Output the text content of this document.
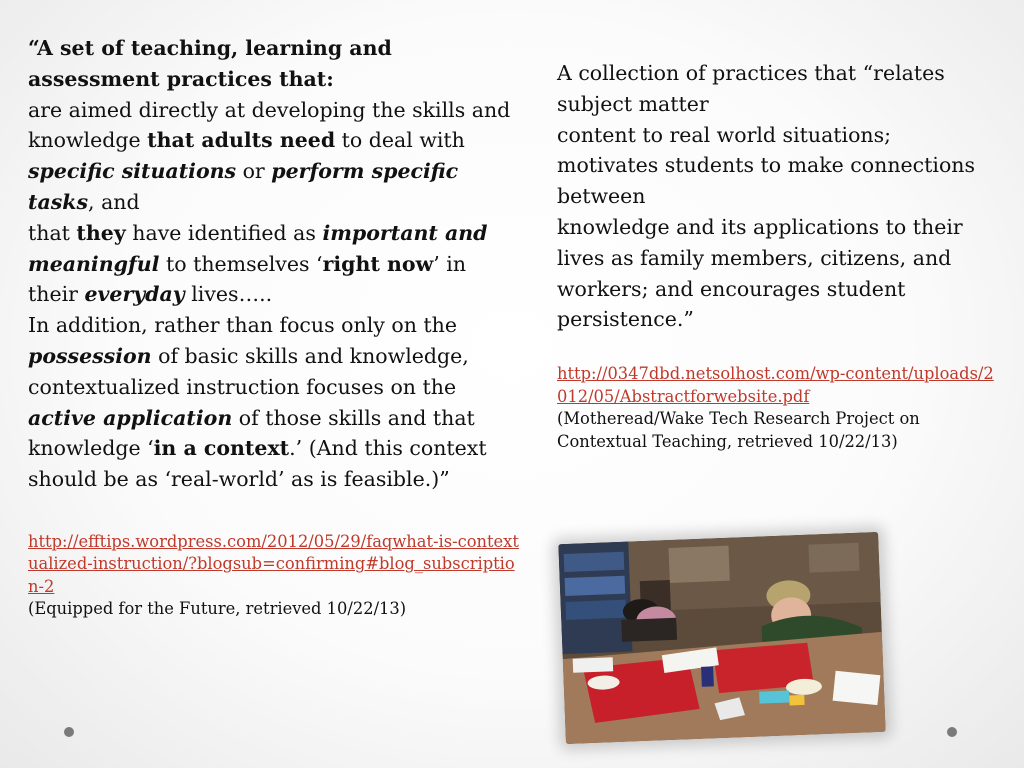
“A set of teaching, learning and assessment practices that:

are aimed directly at developing the skills and knowledge that adults need to deal with specific situations or perform specific tasks, and

that they have identified as important and meaningful to themselves ‘right now’ in their everyday lives…..

In addition, rather than focus only on the possession of basic skills and knowledge, contextualized instruction focuses on the active application of those skills and that knowledge ‘in a context.’ (And this context should be as ‘real-world’ as is feasible.)”

http://efftips.wordpress.com/2012/05/29/faqwhat-is-contextualized-instruction/?blogsub=confirming#blog_subscription-2
(Equipped for the Future, retrieved 10/22/13)

A collection of practices that “relates subject matter

content to real world situations; motivates students to make connections

between

knowledge and its applications to their lives as family members, citizens, and

workers; and encourages student persistence.”

http://0347dbd.netsolhost.com/wp-content/uploads/2012/05/Abstractforwebsite.pdf
(Motheread/Wake Tech Research Project on Contextual Teaching, retrieved 10/22/13)
